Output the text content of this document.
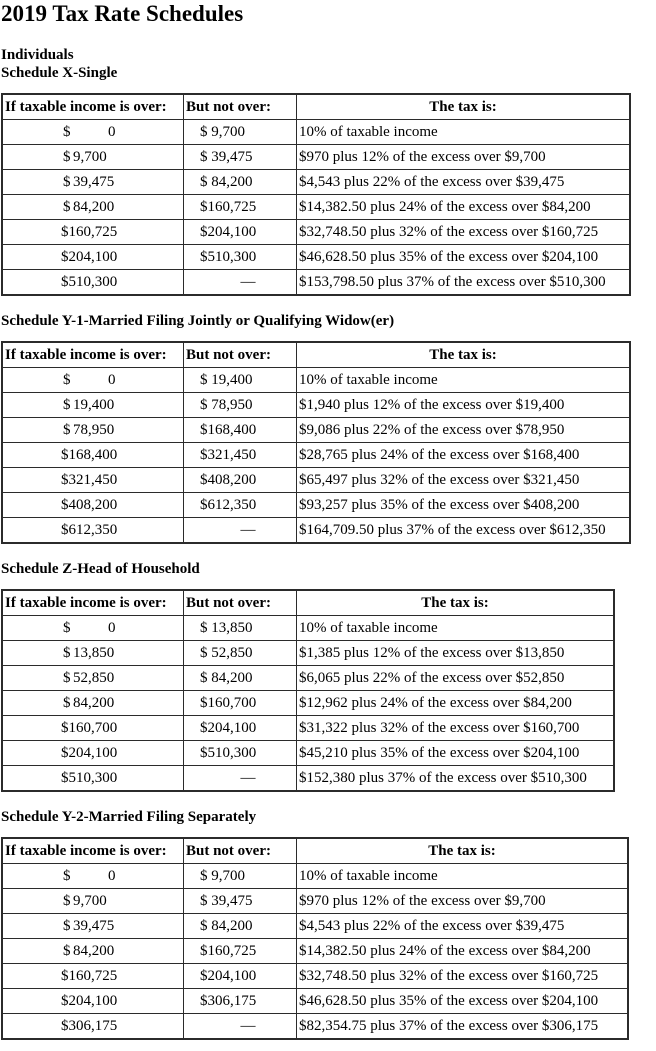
2019 Tax Rate Schedules
Individuals
Schedule X-Single
If taxable income is over:	But not over:	The tax is:
$ 0	$ 9,700	10% of taxable income
$ 9,700	$ 39,475	$970 plus 12% of the excess over $9,700
$ 39,475	$ 84,200	$4,543 plus 22% of the excess over $39,475
$ 84,200	$160,725	$14,382.50 plus 24% of the excess over $84,200
$160,725	$204,100	$32,748.50 plus 32% of the excess over $160,725
$204,100	$510,300	$46,628.50 plus 35% of the excess over $204,100
$510,300	—	$153,798.50 plus 37% of the excess over $510,300
Schedule Y-1-Married Filing Jointly or Qualifying Widow(er)
If taxable income is over:	But not over:	The tax is:
$ 0	$ 19,400	10% of taxable income
$ 19,400	$ 78,950	$1,940 plus 12% of the excess over $19,400
$ 78,950	$168,400	$9,086 plus 22% of the excess over $78,950
$168,400	$321,450	$28,765 plus 24% of the excess over $168,400
$321,450	$408,200	$65,497 plus 32% of the excess over $321,450
$408,200	$612,350	$93,257 plus 35% of the excess over $408,200
$612,350	—	$164,709.50 plus 37% of the excess over $612,350
Schedule Z-Head of Household
If taxable income is over:	But not over:	The tax is:
$ 0	$ 13,850	10% of taxable income
$ 13,850	$ 52,850	$1,385 plus 12% of the excess over $13,850
$ 52,850	$ 84,200	$6,065 plus 22% of the excess over $52,850
$ 84,200	$160,700	$12,962 plus 24% of the excess over $84,200
$160,700	$204,100	$31,322 plus 32% of the excess over $160,700
$204,100	$510,300	$45,210 plus 35% of the excess over $204,100
$510,300	—	$152,380 plus 37% of the excess over $510,300
Schedule Y-2-Married Filing Separately
If taxable income is over:	But not over:	The tax is:
$ 0	$ 9,700	10% of taxable income
$ 9,700	$ 39,475	$970 plus 12% of the excess over $9,700
$ 39,475	$ 84,200	$4,543 plus 22% of the excess over $39,475
$ 84,200	$160,725	$14,382.50 plus 24% of the excess over $84,200
$160,725	$204,100	$32,748.50 plus 32% of the excess over $160,725
$204,100	$306,175	$46,628.50 plus 35% of the excess over $204,100
$306,175	—	$82,354.75 plus 37% of the excess over $306,175
